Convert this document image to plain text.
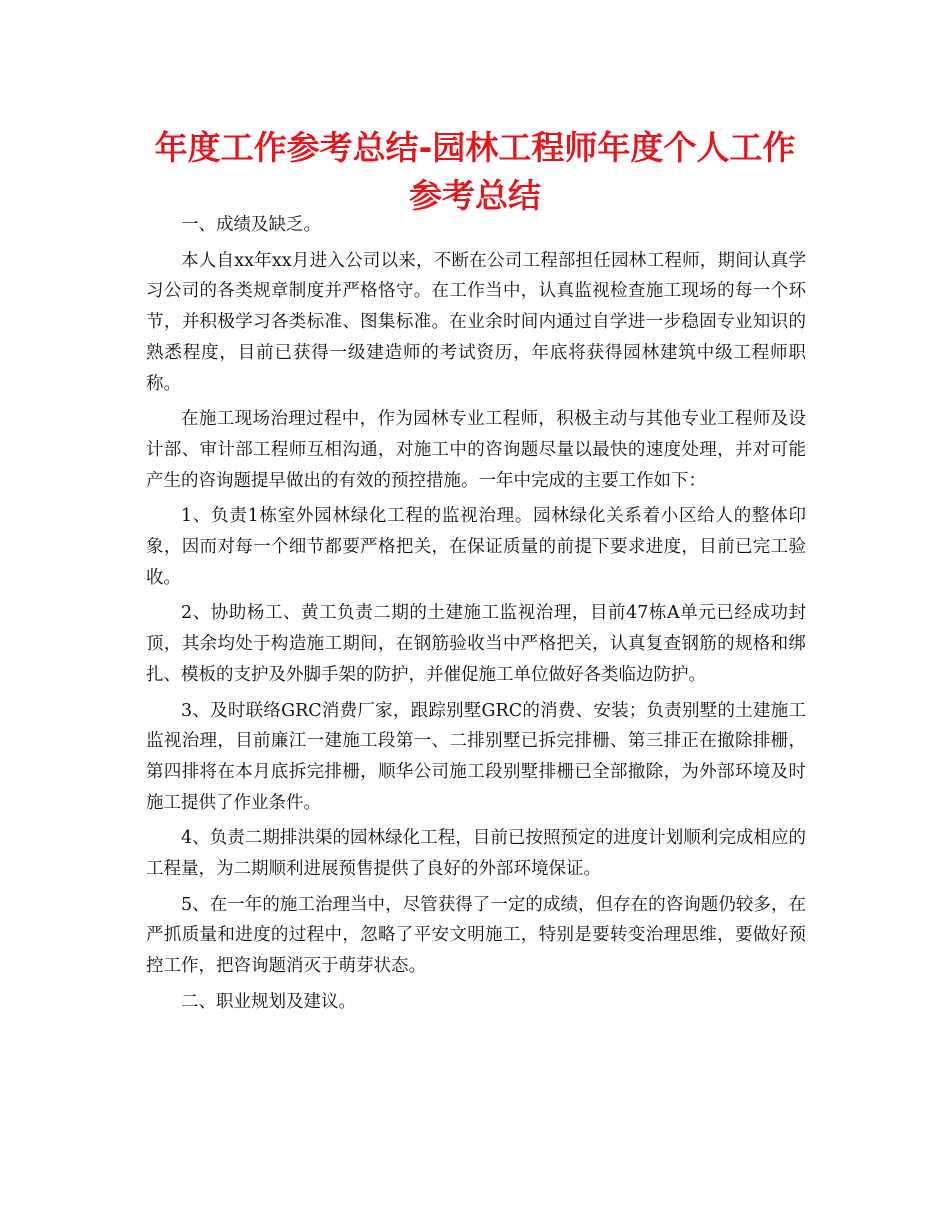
年度工作参考总结-园林工程师年度个人工作参考总结

一、成绩及缺乏。

本人自xx年xx月进入公司以来，不断在公司工程部担任园林工程师，期间认真学习公司的各类规章制度并严格恪守。在工作当中，认真监视检查施工现场的每一个环节，并积极学习各类标准、图集标准。在业余时间内通过自学进一步稳固专业知识的熟悉程度，目前已获得一级建造师的考试资历，年底将获得园林建筑中级工程师职称。

在施工现场治理过程中，作为园林专业工程师，积极主动与其他专业工程师及设计部、审计部工程师互相沟通，对施工中的咨询题尽量以最快的速度处理，并对可能产生的咨询题提早做出的有效的预控措施。一年中完成的主要工作如下：

1、负责1栋室外园林绿化工程的监视治理。园林绿化关系着小区给人的整体印象，因而对每一个细节都要严格把关，在保证质量的前提下要求进度，目前已完工验收。

2、协助杨工、黄工负责二期的土建施工监视治理，目前47栋A单元已经成功封顶，其余均处于构造施工期间，在钢筋验收当中严格把关，认真复查钢筋的规格和绑扎、模板的支护及外脚手架的防护，并催促施工单位做好各类临边防护。

3、及时联络GRC消费厂家，跟踪别墅GRC的消费、安装；负责别墅的土建施工监视治理，目前廉江一建施工段第一、二排别墅已拆完排栅、第三排正在撤除排栅，第四排将在本月底拆完排栅，顺华公司施工段别墅排栅已全部撤除，为外部环境及时施工提供了作业条件。

4、负责二期排洪渠的园林绿化工程，目前已按照预定的进度计划顺利完成相应的工程量，为二期顺利进展预售提供了良好的外部环境保证。

5、在一年的施工治理当中，尽管获得了一定的成绩，但存在的咨询题仍较多，在严抓质量和进度的过程中，忽略了平安文明施工，特别是要转变治理思维，要做好预控工作，把咨询题消灭于萌芽状态。

二、职业规划及建议。
